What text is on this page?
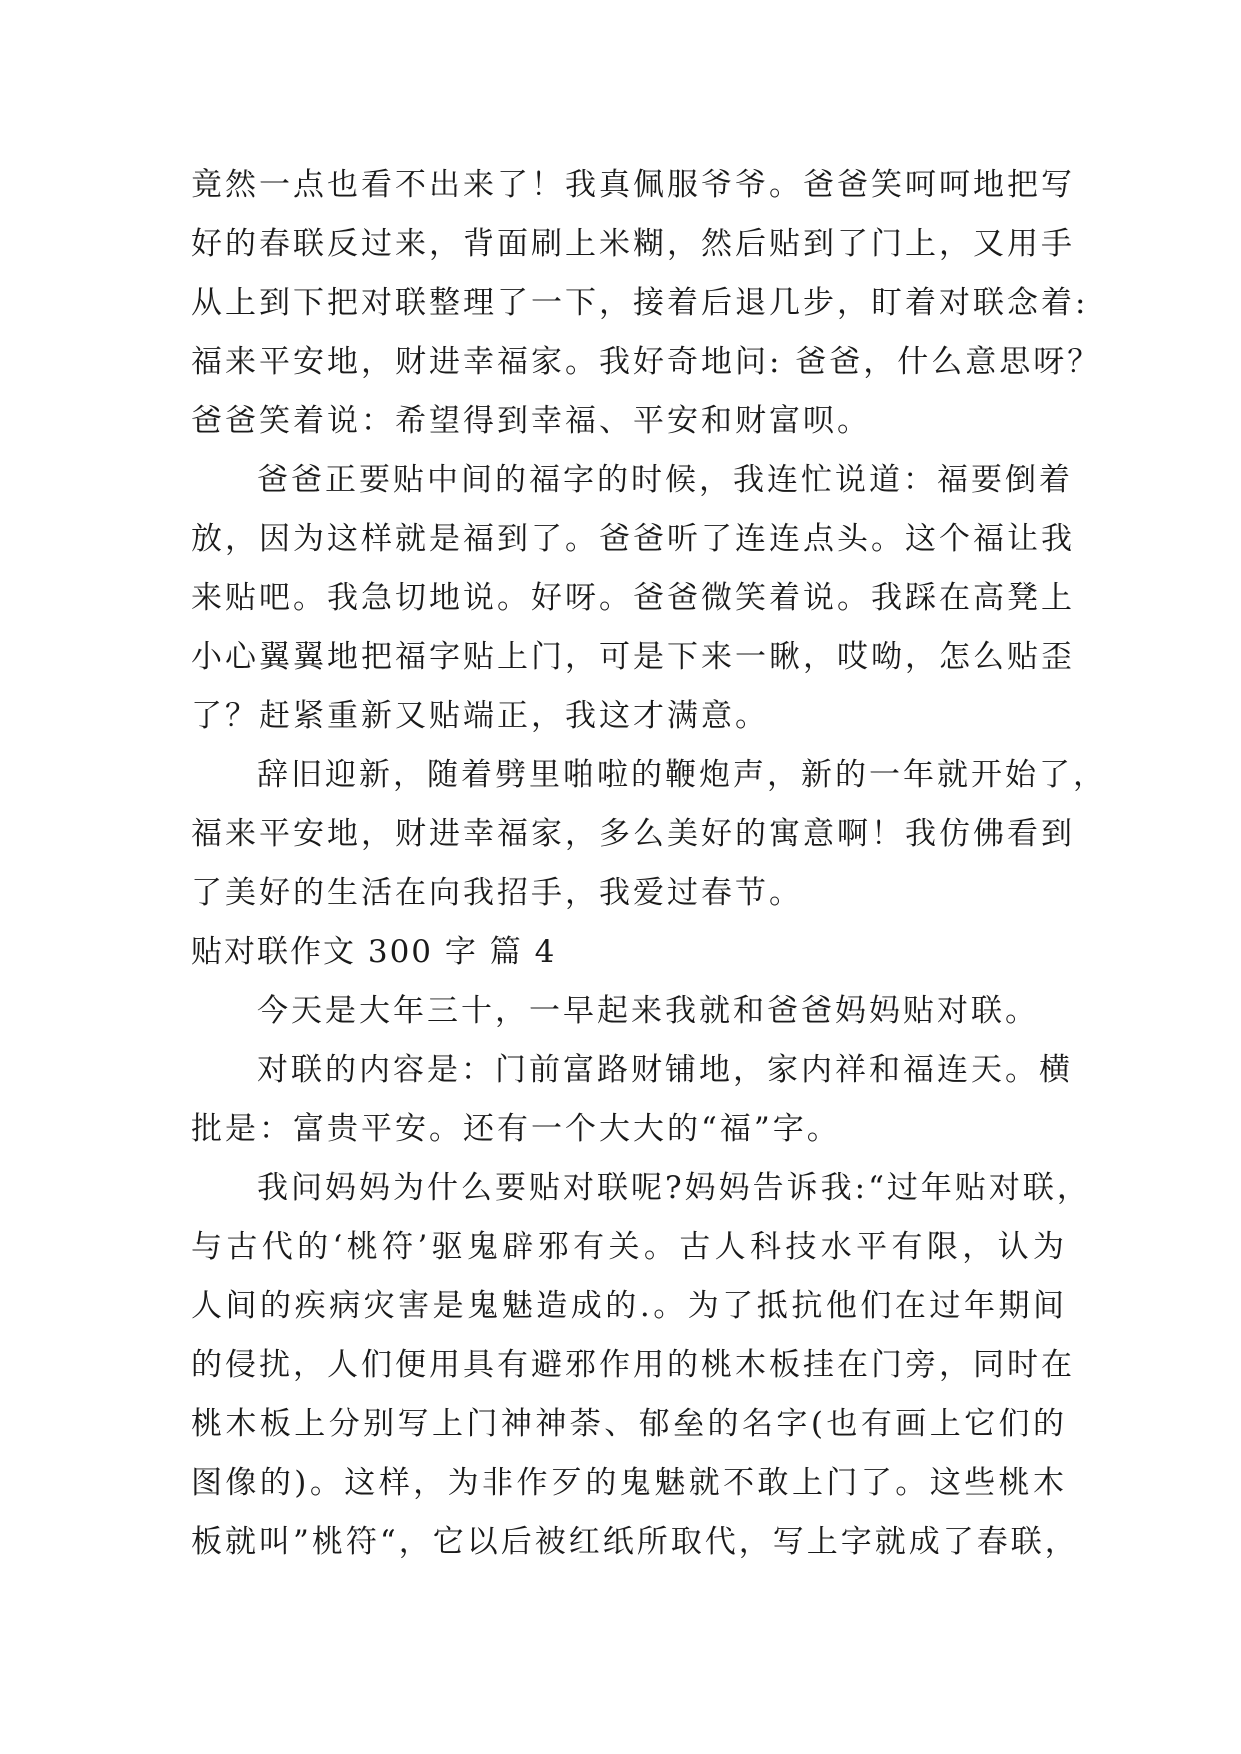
竟然一点也看不出来了！我真佩服爷爷。爸爸笑呵呵地把写
好的春联反过来，背面刷上米糊，然后贴到了门上，又用手
从上到下把对联整理了一下，接着后退几步，盯着对联念着:
福来平安地，财进幸福家。我好奇地问: 爸爸，什么意思呀？
爸爸笑着说：希望得到幸福、平安和财富呗。
爸爸正要贴中间的福字的时候，我连忙说道：福要倒着
放，因为这样就是福到了。爸爸听了连连点头。这个福让我
来贴吧。我急切地说。好呀。爸爸微笑着说。我踩在高凳上
小心翼翼地把福字贴上门，可是下来一瞅，哎呦，怎么贴歪
了？赶紧重新又贴端正，我这才满意。
辞旧迎新，随着劈里啪啦的鞭炮声，新的一年就开始了，
福来平安地，财进幸福家，多么美好的寓意啊！我仿佛看到
了美好的生活在向我招手，我爱过春节。
贴对联作文 300 字 篇 4
今天是大年三十，一早起来我就和爸爸妈妈贴对联。
对联的内容是：门前富路财铺地，家内祥和福连天。横
批是：富贵平安。还有一个大大的“福”字。
我问妈妈为什么要贴对联呢?妈妈告诉我:“过年贴对联，
与古代的‘桃符’驱鬼辟邪有关。古人科技水平有限，认为
人间的疾病灾害是鬼魅造成的.。为了抵抗他们在过年期间
的侵扰，人们便用具有避邪作用的桃木板挂在门旁，同时在
桃木板上分别写上门神神荼、郁垒的名字(也有画上它们的
图像的)。这样，为非作歹的鬼魅就不敢上门了。这些桃木
板就叫”桃符“，它以后被红纸所取代，写上字就成了春联，
